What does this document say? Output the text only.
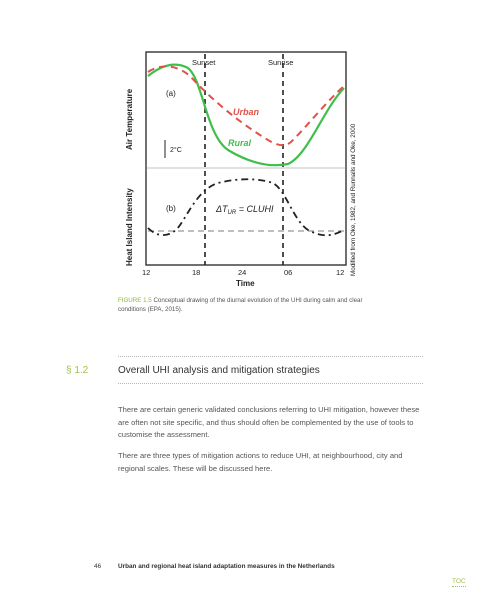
2°C
(a)
(b)
Sunset	Sunrise
Urban
Rural
$\Delta T_{UR}$ = CLUHI
Air Temperature
Heat Island Intensity
12	18	24	06	12
Time
Modified from Oke, 1982, and Runnalls and Oke, 2000
FIGURE 1.5 Conceptual drawing of the diurnal evolution of the UHI during calm and clear conditions (EPA, 2015).
§ 1.2	Overall UHI analysis and mitigation strategies
There are certain generic validated conclusions referring to UHI mitigation, however these are often not site specific, and thus should often be complemented by the use of tools to customise the assessment.
There are three types of mitigation actions to reduce UHI, at neighbourhood, city and regional scales. These will be discussed here.
46	Urban and regional heat island adaptation measures in the Netherlands
TOC
